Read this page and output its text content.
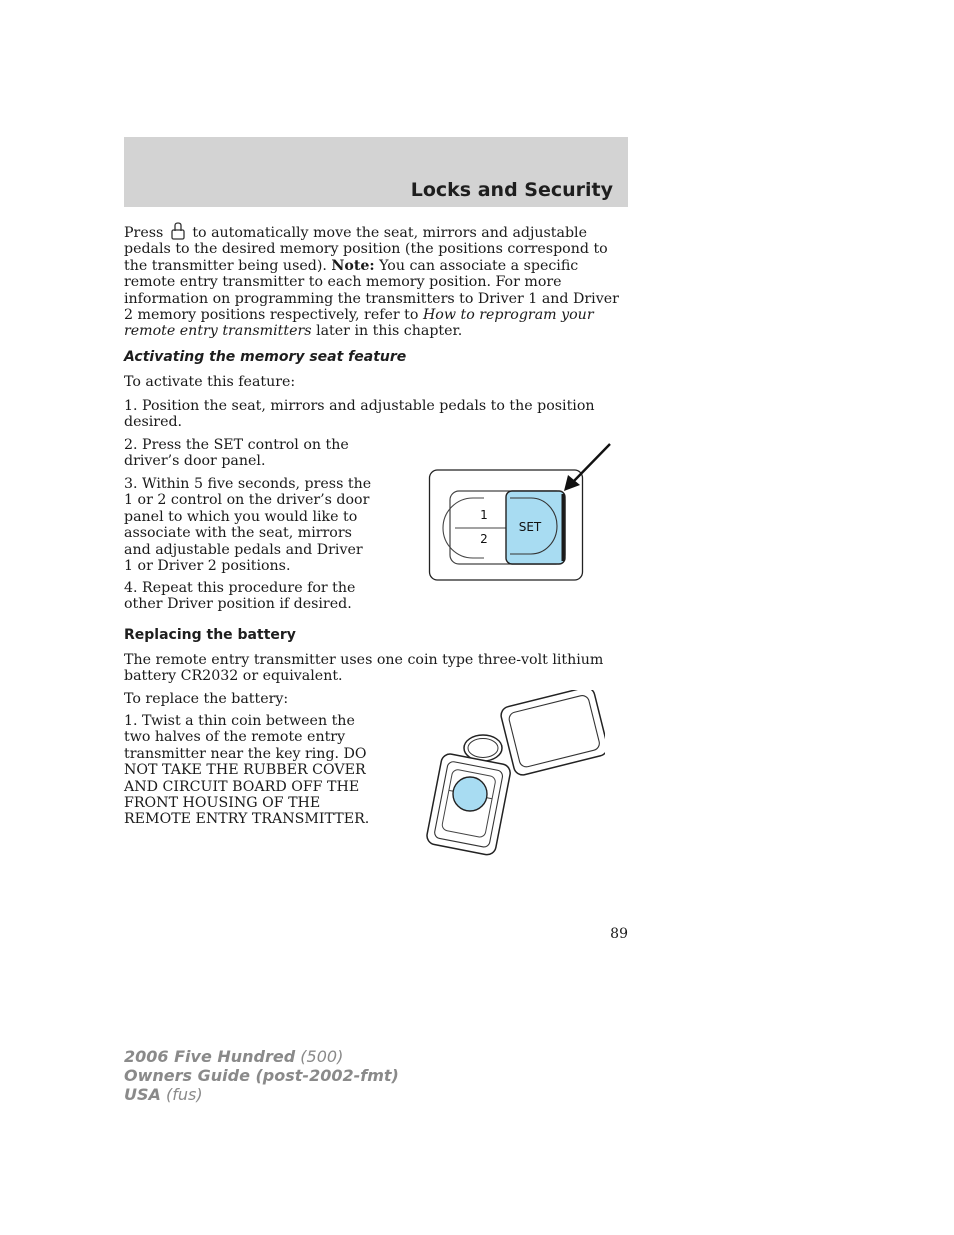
Locks and Security

Press to automatically move the seat, mirrors and adjustable pedals to the desired memory position (the positions correspond to the transmitter being used). Note: You can associate a specific remote entry transmitter to each memory position. For more information on programming the transmitters to Driver 1 and Driver 2 memory positions respectively, refer to How to reprogram your remote entry transmitters later in this chapter.

Activating the memory seat feature

To activate this feature:

1. Position the seat, mirrors and adjustable pedals to the position desired.

2. Press the SET control on the driver’s door panel.

3. Within 5 five seconds, press the 1 or 2 control on the driver’s door panel to which you would like to associate with the seat, mirrors and adjustable pedals and Driver 1 or Driver 2 positions.

4. Repeat this procedure for the other Driver position if desired.

1
2
SET
Replacing the battery

The remote entry transmitter uses one coin type three-volt lithium battery CR2032 or equivalent.

To replace the battery:

1. Twist a thin coin between the two halves of the remote entry transmitter near the key ring. DO NOT TAKE THE RUBBER COVER AND CIRCUIT BOARD OFF THE FRONT HOUSING OF THE REMOTE ENTRY TRANSMITTER.

89

2006 Five Hundred (500)
Owners Guide (post-2002-fmt)
USA (fus)
